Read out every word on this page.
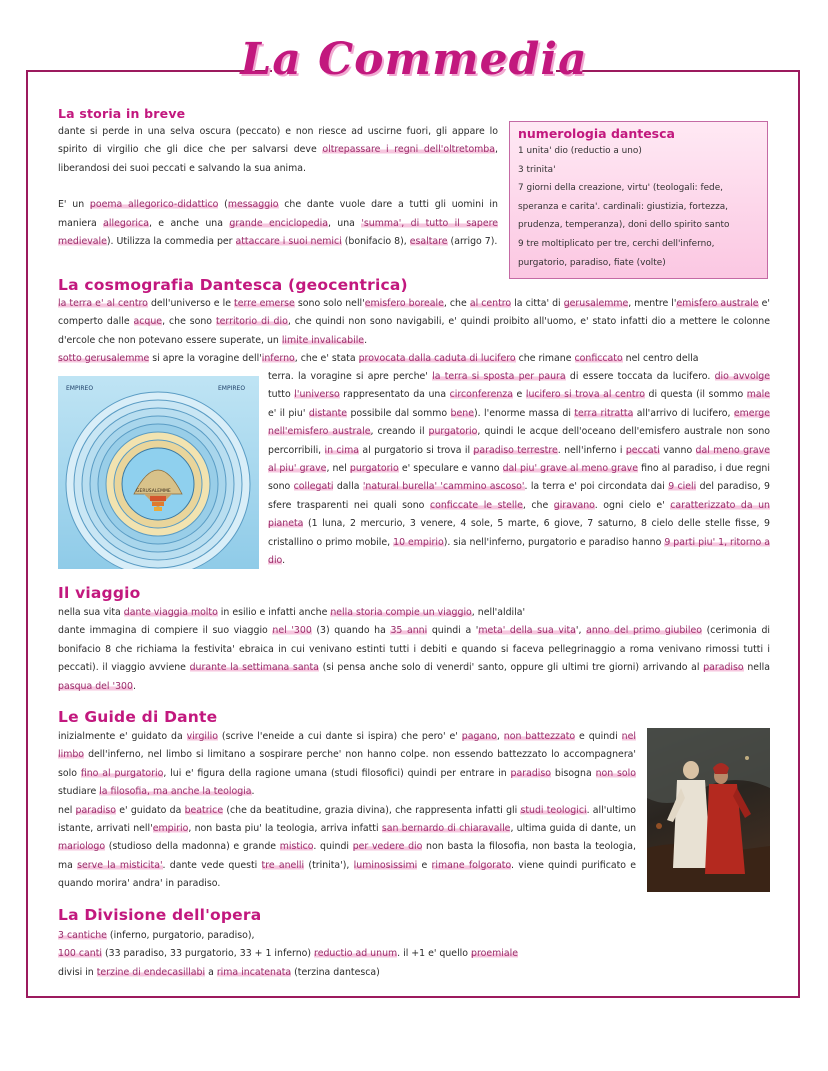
La Commedia
La storia in breve

dante si perde in una selva oscura (peccato) e non riesce ad uscirne fuori, gli appare lo spirito di virgilio che gli dice che per salvarsi deve oltrepassare i regni dell'oltretomba, liberandosi dei suoi peccati e salvando la sua anima.

E' un poema allegorico-didattico (messaggio che dante vuole dare a tutti gli uomini in maniera allegorica, e anche una grande enciclopedia, una 'summa', di tutto il sapere medievale). Utilizza la commedia per attaccare i suoi nemici (bonifacio 8), esaltare (arrigo 7).

numerologia dantesca

1 unita' dio (reductio a uno)

3 trinita'

7 giorni della creazione, virtu' (teologali: fede, speranza e carita'. cardinali: giustizia, fortezza, prudenza, temperanza), doni dello spirito santo

9 tre moltiplicato per tre, cerchi dell'inferno, purgatorio, paradiso, fiate (volte)

La cosmografia Dantesca (geocentrica)

la terra e' al centro dell'universo e le terre emerse sono solo nell'emisfero boreale, che al centro la citta' di gerusalemme, mentre l'emisfero australe e' comperto dalle acque, che sono territorio di dio, che quindi non sono navigabili, e' quindi proibito all'uomo, e' stato infatti dio a mettere le colonne d'ercole che non potevano essere superate, un limite invalicabile.

sotto gerusalemme si apre la voragine dell'inferno, che e' stata provocata dalla caduta di lucifero che rimane conficcato nel centro della

EMPIREO	EMPIREO
GERUSALEMME

terra. la voragine si apre perche' la terra si sposta per paura di essere toccata da lucifero. dio avvolge tutto l'universo rappresentato da una circonferenza e lucifero si trova al centro di questa (il sommo male e' il piu' distante possibile dal sommo bene). l'enorme massa di terra ritratta all'arrivo di lucifero, emerge nell'emisfero australe, creando il purgatorio, quindi le acque dell'oceano dell'emisfero australe non sono percorribili, in cima al purgatorio si trova il paradiso terrestre. nell'inferno i peccati vanno dal meno grave al piu' grave, nel purgatorio e' speculare e vanno dal piu' grave al meno grave fino al paradiso, i due regni sono collegati dalla 'natural burella' 'cammino ascoso'. la terra e' poi circondata dai 9 cieli del paradiso, 9 sfere trasparenti nei quali sono conficcate le stelle, che giravano. ogni cielo e' caratterizzato da un pianeta (1 luna, 2 mercurio, 3 venere, 4 sole, 5 marte, 6 giove, 7 saturno, 8 cielo delle stelle fisse, 9 cristallino o primo mobile, 10 empirio). sia nell'inferno, purgatorio e paradiso hanno 9 parti piu' 1, ritorno a dio.

Il viaggio

nella sua vita dante viaggia molto in esilio e infatti anche nella storia compie un viaggio, nell'aldila'

dante immagina di compiere il suo viaggio nel '300 (3) quando ha 35 anni quindi a 'meta' della sua vita', anno del primo giubileo (cerimonia di bonifacio 8 che richiama la festivita' ebraica in cui venivano estinti tutti i debiti e quando si faceva pellegrinaggio a roma venivano rimossi tutti i peccati). il viaggio avviene durante la settimana santa (si pensa anche solo di venerdi' santo, oppure gli ultimi tre giorni) arrivando al paradiso nella pasqua del '300.

Le Guide di Dante

inizialmente e' guidato da virgilio (scrive l'eneide a cui dante si ispira) che pero' e' pagano, non battezzato e quindi nel limbo dell'inferno, nel limbo si limitano a sospirare perche' non hanno colpe. non essendo battezzato lo accompagnera' solo fino al purgatorio, lui e' figura della ragione umana (studi filosofici) quindi per entrare in paradiso bisogna non solo studiare la filosofia, ma anche la teologia.

nel paradiso e' guidato da beatrice (che da beatitudine, grazia divina), che rappresenta infatti gli studi teologici. all'ultimo istante, arrivati nell'empirio, non basta piu' la teologia, arriva infatti san bernardo di chiaravalle, ultima guida di dante, un mariologo (studioso della madonna) e grande mistico. quindi per vedere dio non basta la filosofia, non basta la teologia, ma serve la misticita'. dante vede questi tre anelli (trinita'), luminosissimi e rimane folgorato. viene quindi purificato e quando morira' andra' in paradiso.

La Divisione dell'opera

3 cantiche (inferno, purgatorio, paradiso),

100 canti (33 paradiso, 33 purgatorio, 33 + 1 inferno) reductio ad unum. il +1 e' quello proemiale

divisi in terzine di endecasillabi a rima incatenata (terzina dantesca)
